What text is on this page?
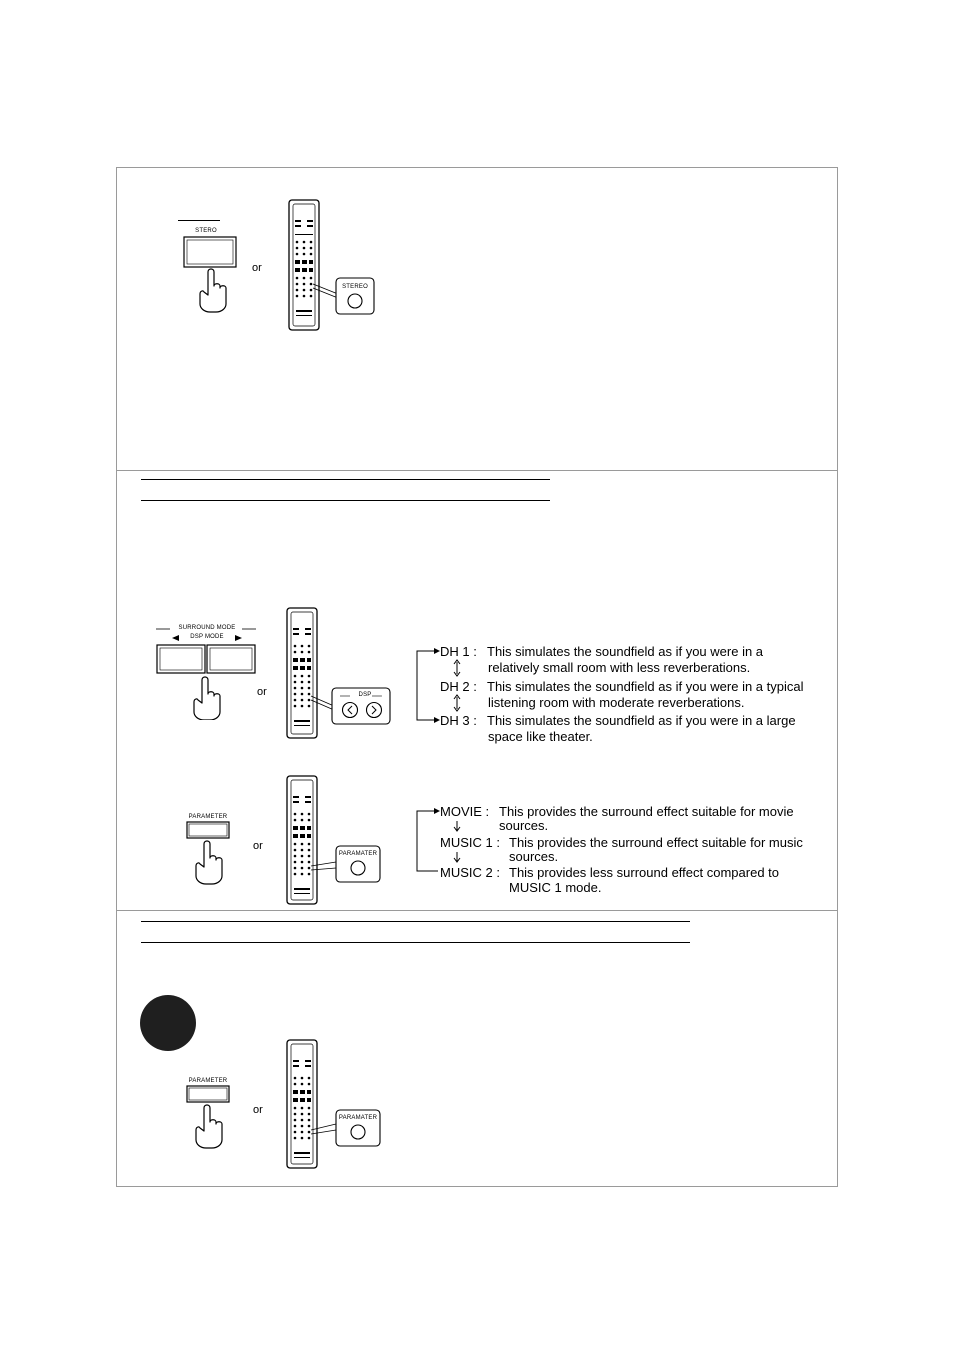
STERO
or
STEREO
SURROUND MODE
DSP MODE
or	DSP
DH 1 : This simulates the soundfield as if you were in a
relatively small room with less reverberations.
DH 2 : This simulates the soundfield as if you were in a typical
listening room with moderate reverberations.
DH 3 : This simulates the soundfield as if you were in a large
space like theater.
PARAMETER
or
PARAMATER
MOVIE : This provides the surround effect suitable for movie
sources.
MUSIC 1 : This provides the surround effect suitable for music
sources.
MUSIC 2 : This provides less surround effect compared to
MUSIC 1 mode.
PARAMETER
or
PARAMATER
